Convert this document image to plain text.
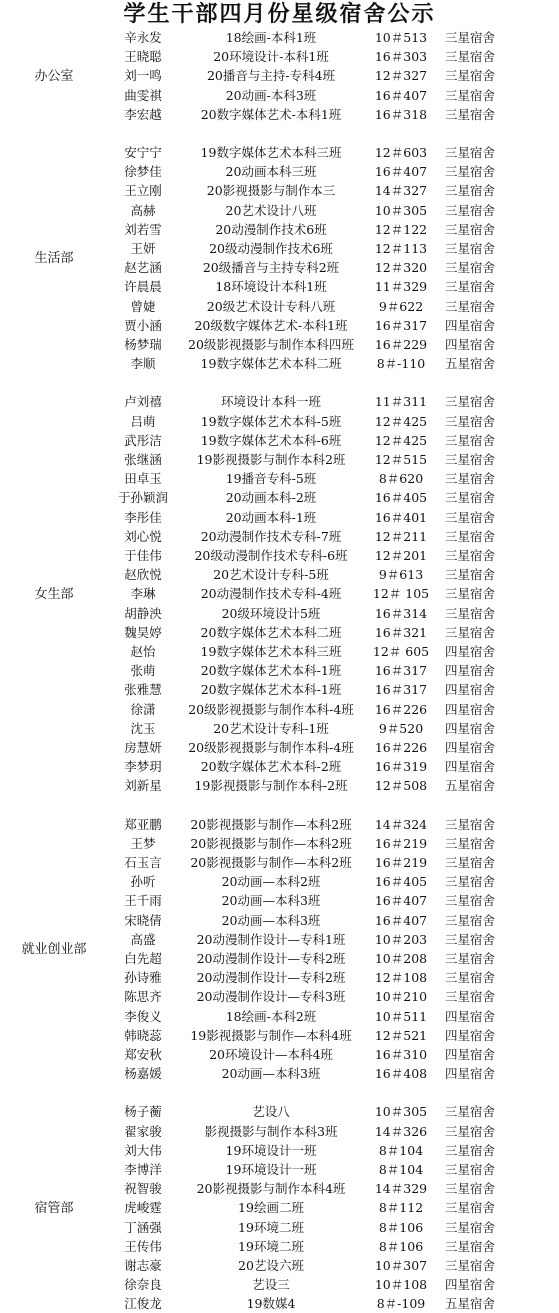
学生干部四月份星级宿舍公示
辛永发	18绘画-本科1班	10＃513	三星宿舍
王晓聪	20环境设计-本科1班	16＃303	三星宿舍
刘一鸣	20播音与主持-专科4班	12＃327	三星宿舍
曲雯祺	20动画-本科3班	16＃407	三星宿舍
李宏越	20数字媒体艺术-本科1班	16＃318	三星宿舍
办公室
安宁宁	19数字媒体艺术本科三班	12＃603	三星宿舍
徐梦佳	20动画本科三班	16＃407	三星宿舍
王立刚	20影视摄影与制作本三	14＃327	三星宿舍
高赫	20艺术设计八班	10＃305	三星宿舍
刘若雪	20动漫制作技术6班	12＃122	三星宿舍
王妍	20级动漫制作技术6班	12＃113	三星宿舍
赵艺涵	20级播音与主持专科2班	12＃320	三星宿舍
许晨晨	18环境设计本科1班	11＃329	三星宿舍
曾婕	20级艺术设计专科八班	9＃622	三星宿舍
贾小涵	20级数字媒体艺术-本科1班	16＃317	四星宿舍
杨梦瑞	20级影视摄影与制作本科四班	16＃229	四星宿舍
李顺	19数字媒体艺术本科二班	8＃-110	五星宿舍
生活部
卢刘禧	环境设计本科一班	11＃311	三星宿舍
吕萌	19数字媒体艺术本科-5班	12＃425	三星宿舍
武彤洁	19数字媒体艺术本科-6班	12＃425	三星宿舍
张继涵	19影视摄影与制作本科2班	12＃515	三星宿舍
田卓玉	19播音专科-5班	8＃620	三星宿舍
于孙颖润	20动画本科-2班	16＃405	三星宿舍
李彤佳	20动画本科-1班	16＃401	三星宿舍
刘心悦	20动漫制作技术专科-7班	12＃211	三星宿舍
于佳伟	20级动漫制作技术专科-6班	12＃201	三星宿舍
赵欣悦	20艺术设计专科-5班	9＃613	三星宿舍
李琳	20动漫制作技术专科-4班	12＃ 105	三星宿舍
胡静泱	20级环境设计5班	16＃314	三星宿舍
魏昊婷	20数字媒体艺术本科二班	16＃321	三星宿舍
赵怡	19数字媒体艺术本科三班	12＃ 605	四星宿舍
张萌	20数字媒体艺术本科-1班	16＃317	四星宿舍
张雅慧	20数字媒体艺术本科-1班	16＃317	四星宿舍
徐潇	20级影视摄影与制作本科-4班	16＃226	四星宿舍
沈玉	20艺术设计专科-1班	9＃520	四星宿舍
房慧妍	20级影视摄影与制作本科-4班	16＃226	四星宿舍
李梦玥	20数字媒体艺术本科-2班	16＃319	四星宿舍
刘新星	19影视摄影与制作本科-2班	12＃508	五星宿舍
女生部
郑亚鹏	20影视摄影与制作—本科2班	14＃324	三星宿舍
王梦	20影视摄影与制作—本科2班	16＃219	三星宿舍
石玉言	20影视摄影与制作—本科2班	16＃219	三星宿舍
孙听	20动画—本科2班	16＃405	三星宿舍
王千雨	20动画—本科3班	16＃407	三星宿舍
宋晓倩	20动画—本科3班	16＃407	三星宿舍
高盛	20动漫制作设计—专科1班	10＃203	三星宿舍
白先超	20动漫制作设计—专科2班	10＃208	三星宿舍
孙诗雅	20动漫制作设计—专科2班	12＃108	三星宿舍
陈思齐	20动漫制作设计—专科3班	10＃210	三星宿舍
李俊义	18绘画-本科2班	10＃511	四星宿舍
韩晓蕊	19影视摄影与制作—本科4班	12＃521	四星宿舍
郑安秋	20环境设计—本科4班	16＃310	四星宿舍
杨嘉媛	20动画—本科3班	16＃408	四星宿舍
就业创业部
杨子蘅	艺设八	10＃305	三星宿舍
翟家骏	影视摄影与制作本科3班	14＃326	三星宿舍
刘大伟	19环境设计一班	8＃104	三星宿舍
李博洋	19环境设计一班	8＃104	三星宿舍
祝智骏	20影视摄影与制作本科4班	14＃329	三星宿舍
虎峻霆	19绘画二班	8＃112	三星宿舍
丁涵强	19环境二班	8＃106	三星宿舍
王传伟	19环境二班	8＃106	三星宿舍
谢志豪	20艺设六班	10＃307	三星宿舍
徐奈良	艺设三	10＃108	四星宿舍
江俊龙	19数媒4	8＃-109	五星宿舍
宿管部
